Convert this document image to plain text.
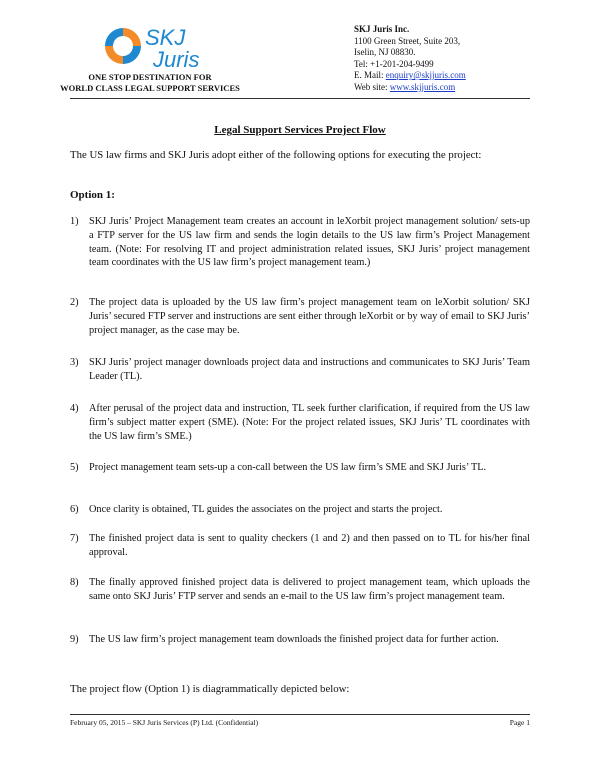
SKJ
Juris
ONE STOP DESTINATION FOR
WORLD CLASS LEGAL SUPPORT SERVICES
SKJ Juris Inc.
1100 Green Street, Suite 203,
Iselin, NJ 08830.
Tel: +1-201-204-9499
E. Mail: enquiry@skjjuris.com
Web site: www.skjjuris.com
Legal Support Services Project Flow
The US law firms and SKJ Juris adopt either of the following options for executing the project:
Option 1:
1) SKJ Juris’ Project Management team creates an account in leXorbit project management solution/ sets-up a FTP server for the US law firm and sends the login details to the US law firm’s Project Management team. (Note: For resolving IT and project administration related issues, SKJ Juris’ project management team coordinates with the US law firm’s project management team.)
2) The project data is uploaded by the US law firm’s project management team on leXorbit solution/ SKJ Juris’ secured FTP server and instructions are sent either through leXorbit or by way of email to SKJ Juris’ project manager, as the case may be.
3) SKJ Juris’ project manager downloads project data and instructions and communicates to SKJ Juris’ Team Leader (TL).
4) After perusal of the project data and instruction, TL seek further clarification, if required from the US law firm’s subject matter expert (SME). (Note: For the project related issues, SKJ Juris’ TL coordinates with the US law firm’s SME.)
5) Project management team sets-up a con-call between the US law firm’s SME and SKJ Juris’ TL.
6) Once clarity is obtained, TL guides the associates on the project and starts the project.
7) The finished project data is sent to quality checkers (1 and 2) and then passed on to TL for his/her final approval.
8) The finally approved finished project data is delivered to project management team, which uploads the same onto SKJ Juris’ FTP server and sends an e-mail to the US law firm’s project management team.
9) The US law firm’s project management team downloads the finished project data for further action.
The project flow (Option 1) is diagrammatically depicted below:
February 05, 2015 – SKJ Juris Services (P) Ltd. (Confidential)	Page 1
